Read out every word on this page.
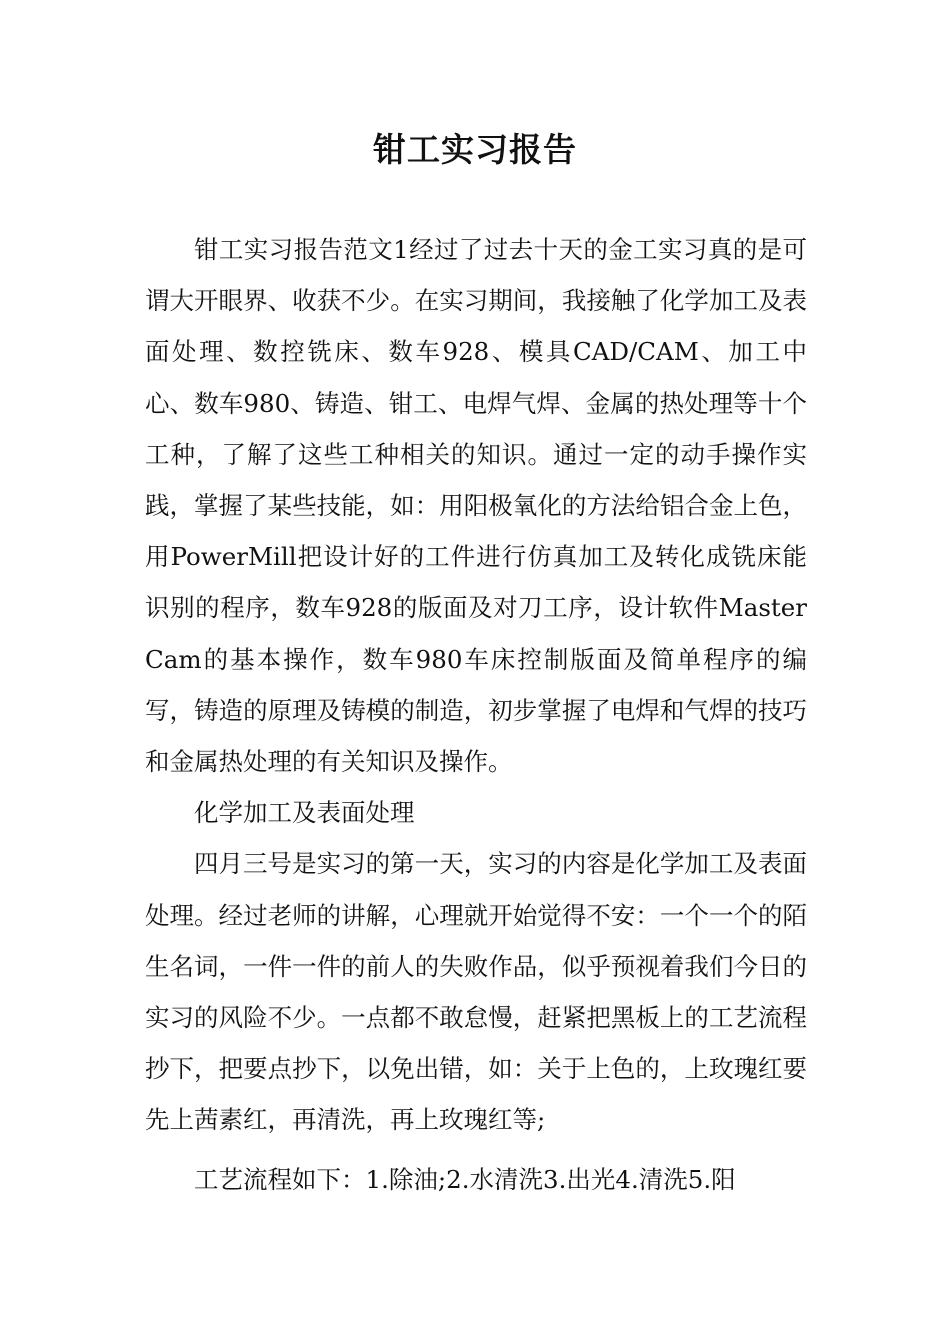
钳工实习报告

钳工实习报告范文1经过了过去十天的金工实习真的是可谓大开眼界、收获不少。在实习期间，我接触了化学加工及表面处理、数控铣床、数车928、模具CAD/CAM、加工中心、数车980、铸造、钳工、电焊气焊、金属的热处理等十个工种，了解了这些工种相关的知识。通过一定的动手操作实践，掌握了某些技能，如：用阳极氧化的方法给铝合金上色，用PowerMill把设计好的工件进行仿真加工及转化成铣床能识别的程序，数车928的版面及对刀工序，设计软件MasterCam的基本操作，数车980车床控制版面及简单程序的编写，铸造的原理及铸模的制造，初步掌握了电焊和气焊的技巧和金属热处理的有关知识及操作。

化学加工及表面处理

四月三号是实习的第一天，实习的内容是化学加工及表面处理。经过老师的讲解，心理就开始觉得不安：一个一个的陌生名词，一件一件的前人的失败作品，似乎预视着我们今日的实习的风险不少。一点都不敢怠慢，赶紧把黑板上的工艺流程抄下，把要点抄下，以免出错，如：关于上色的，上玫瑰红要先上茜素红，再清洗，再上玫瑰红等;

工艺流程如下：1.除油;2.水清洗3.出光4.清洗5.阳
